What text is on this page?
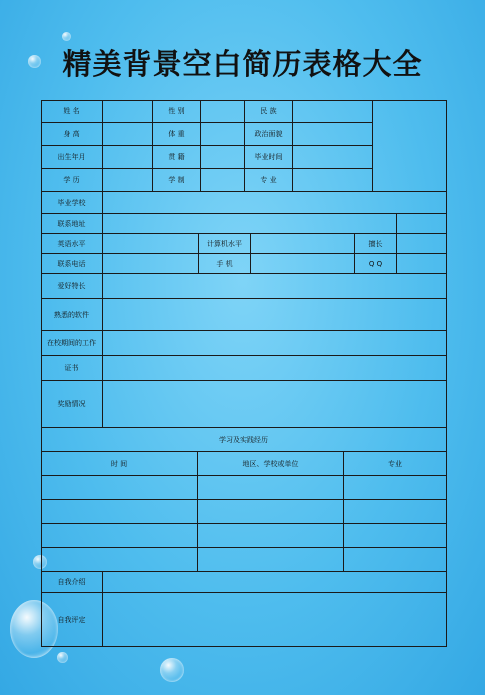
精美背景空白简历表格大全
姓 名	性 别	民 族
身 高	体 重	政治面貌
出生年月	贯 籍	毕业时间
学 历	学 制	专 业
毕业学校
联系地址
英语水平	计算机水平	擅长
联系电话	手 机	Q Q
爱好特长
熟悉的软件
在校期间的工作
证书
奖励情况
学习及实践经历
时 间	地区、学校或单位	专业
自我介绍
自我评定
